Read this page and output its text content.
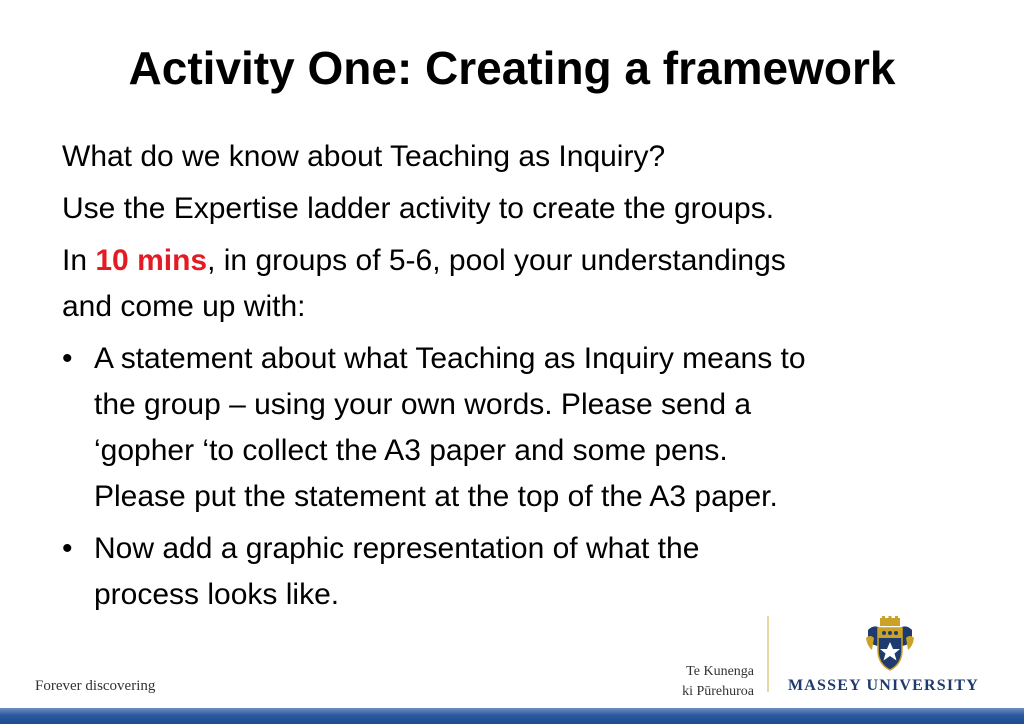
Activity One: Creating a framework

What do we know about Teaching as Inquiry?

Use the Expertise ladder activity to create the groups.

In 10 mins, in groups of 5-6, pool your understandings
and come up with:

• A statement about what Teaching as Inquiry means to
the group – using your own words. Please send a
‘gopher ‘to collect the A3 paper and some pens.
Please put the statement at the top of the A3 paper.
• Now add a graphic representation of what the
process looks like.
Forever discovering
Te Kunenga
ki Pūrehuroa MASSEY UNIVERSITY
